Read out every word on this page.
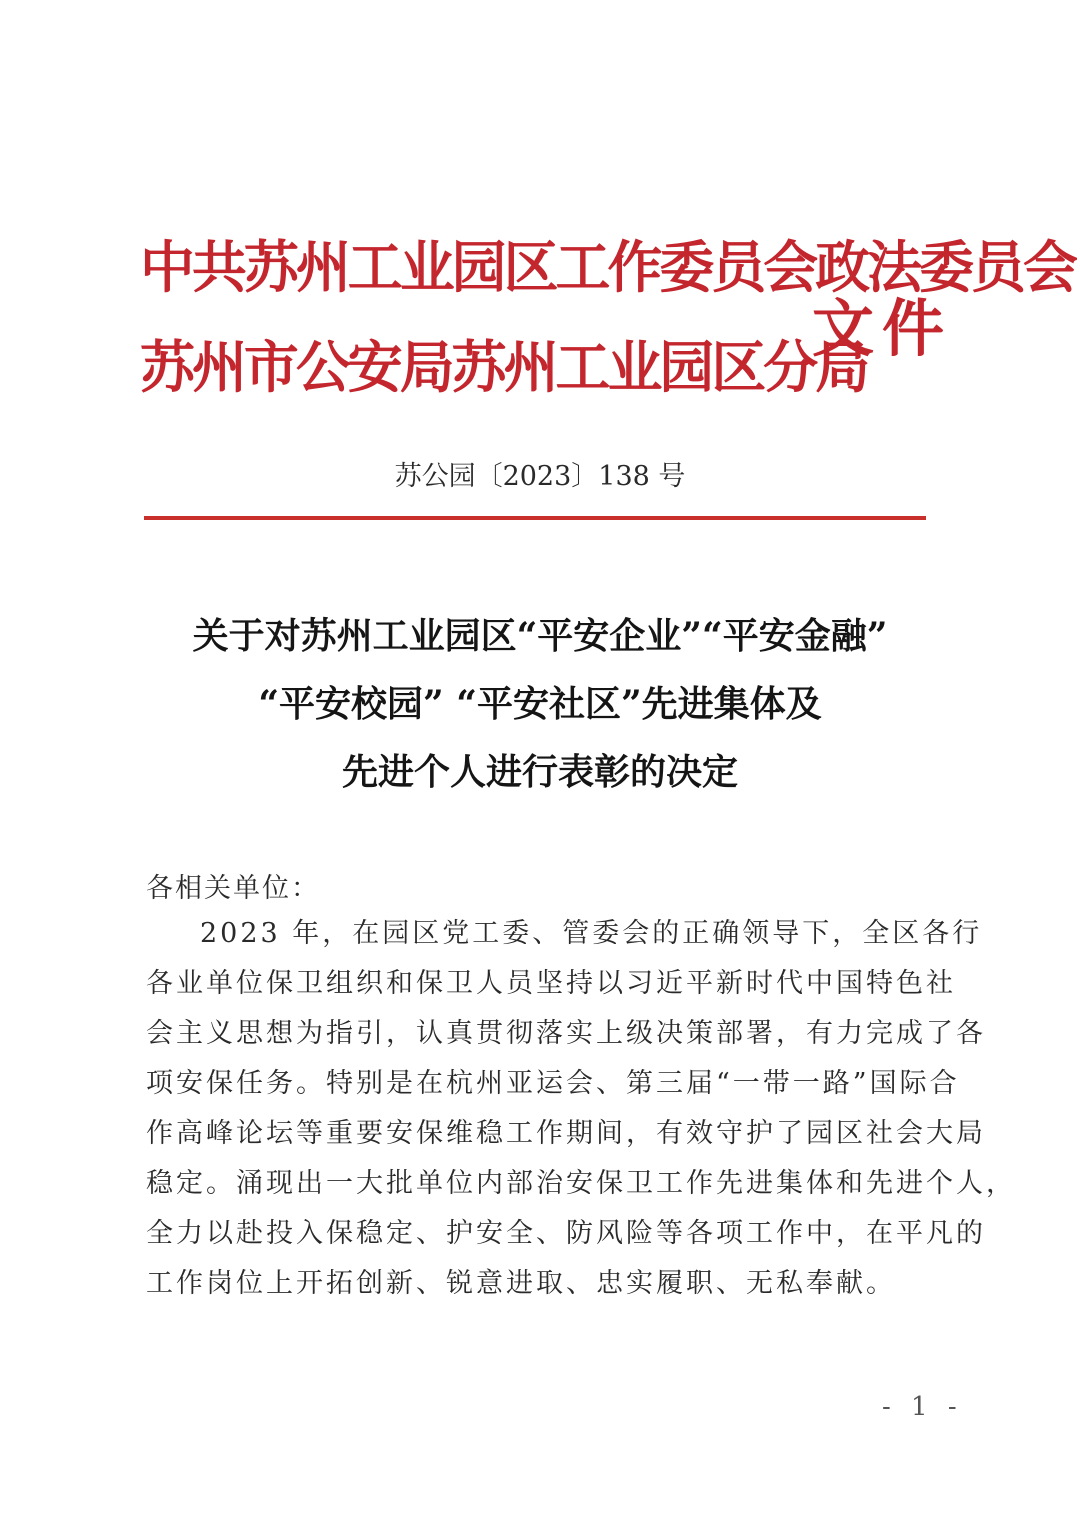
中共苏州工业园区工作委员会政法委员会
苏州市公安局苏州工业园区分局
文件
苏公园〔2023〕138 号
关于对苏州工业园区“平安企业”“平安金融”
“平安校园” “平安社区”先进集体及
先进个人进行表彰的决定
各相关单位：
2023 年，在园区党工委、管委会的正确领导下，全区各行
各业单位保卫组织和保卫人员坚持以习近平新时代中国特色社
会主义思想为指引，认真贯彻落实上级决策部署，有力完成了各
项安保任务。特别是在杭州亚运会、第三届“一带一路”国际合
作高峰论坛等重要安保维稳工作期间，有效守护了园区社会大局
稳定。涌现出一大批单位内部治安保卫工作先进集体和先进个人，
全力以赴投入保稳定、护安全、防风险等各项工作中，在平凡的
工作岗位上开拓创新、锐意进取、忠实履职、无私奉献。
- 1 -
